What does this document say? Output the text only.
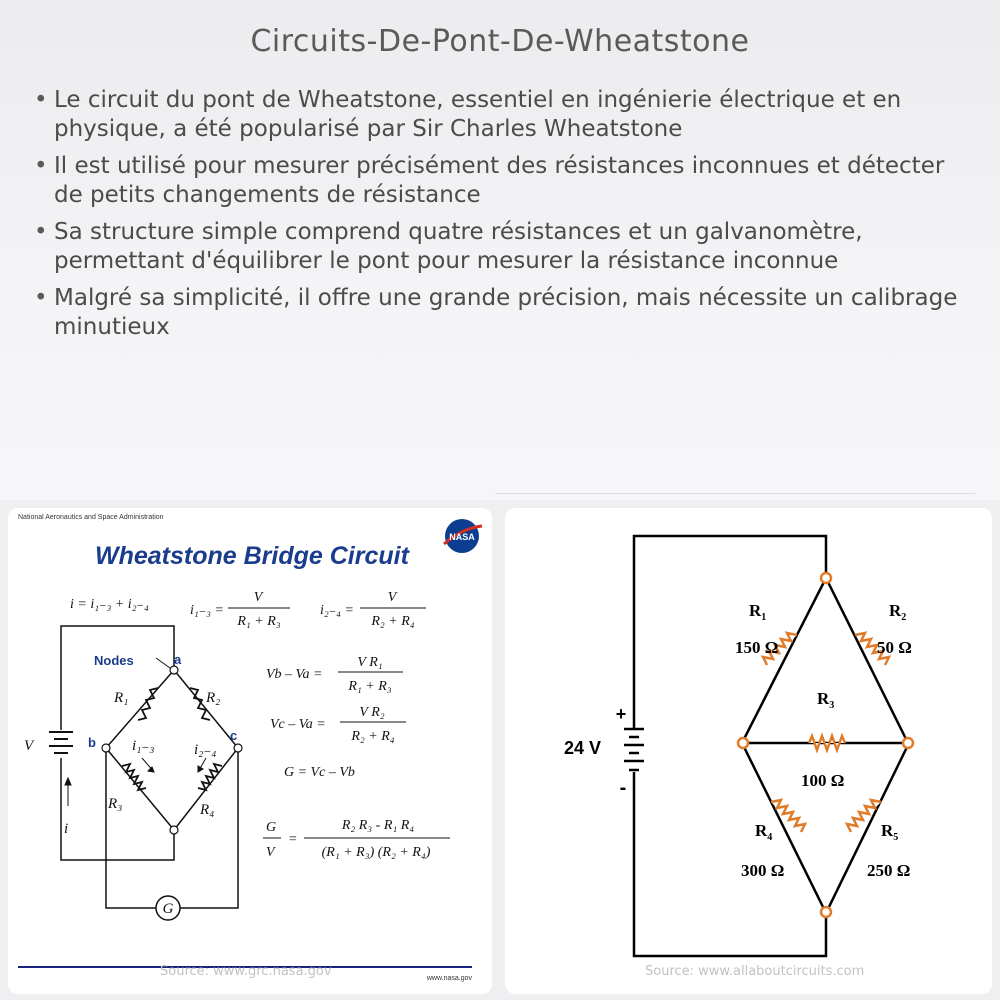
Circuits-De-Pont-De-Wheatstone
• Le circuit du pont de Wheatstone, essentiel en ingénierie électrique et en physique, a été popularisé par Sir Charles Wheatstone
• Il est utilisé pour mesurer précisément des résistances inconnues et détecter de petits changements de résistance
• Sa structure simple comprend quatre résistances et un galvanomètre, permettant d'équilibrer le pont pour mesurer la résistance inconnue
• Malgré sa simplicité, il offre une grande précision, mais nécessite un calibrage minutieux
National Aeronautics and Space Administration
NASA
Wheatstone Bridge Circuit
i = i₁₋₃ + i₂₋₄	i₁₋₃ =
V
R₁ + R₃
i₂₋₄ =
V
R₂ + R₄
G
Nodes	a
b	c
V
i
R₁	R₂
R₃	R₄
i₁₋₃	i₂₋₄
Vb – Va =
V R₁
R₁ + R₃
Vc – Va =
V R₂
R₂ + R₄
G = Vc – Vb
G
V
=
R₂ R₃ - R₁ R₄
(R₁ + R₃) (R₂ + R₄)
Source: www.grc.nasa.gov	www.nasa.gov
+
-
24 V
$R_1$
150 Ω
$R_2$
50 Ω
$R_3$
100 Ω
$R_4$
300 Ω
$R_5$
250 Ω
Source: www.allaboutcircuits.com
